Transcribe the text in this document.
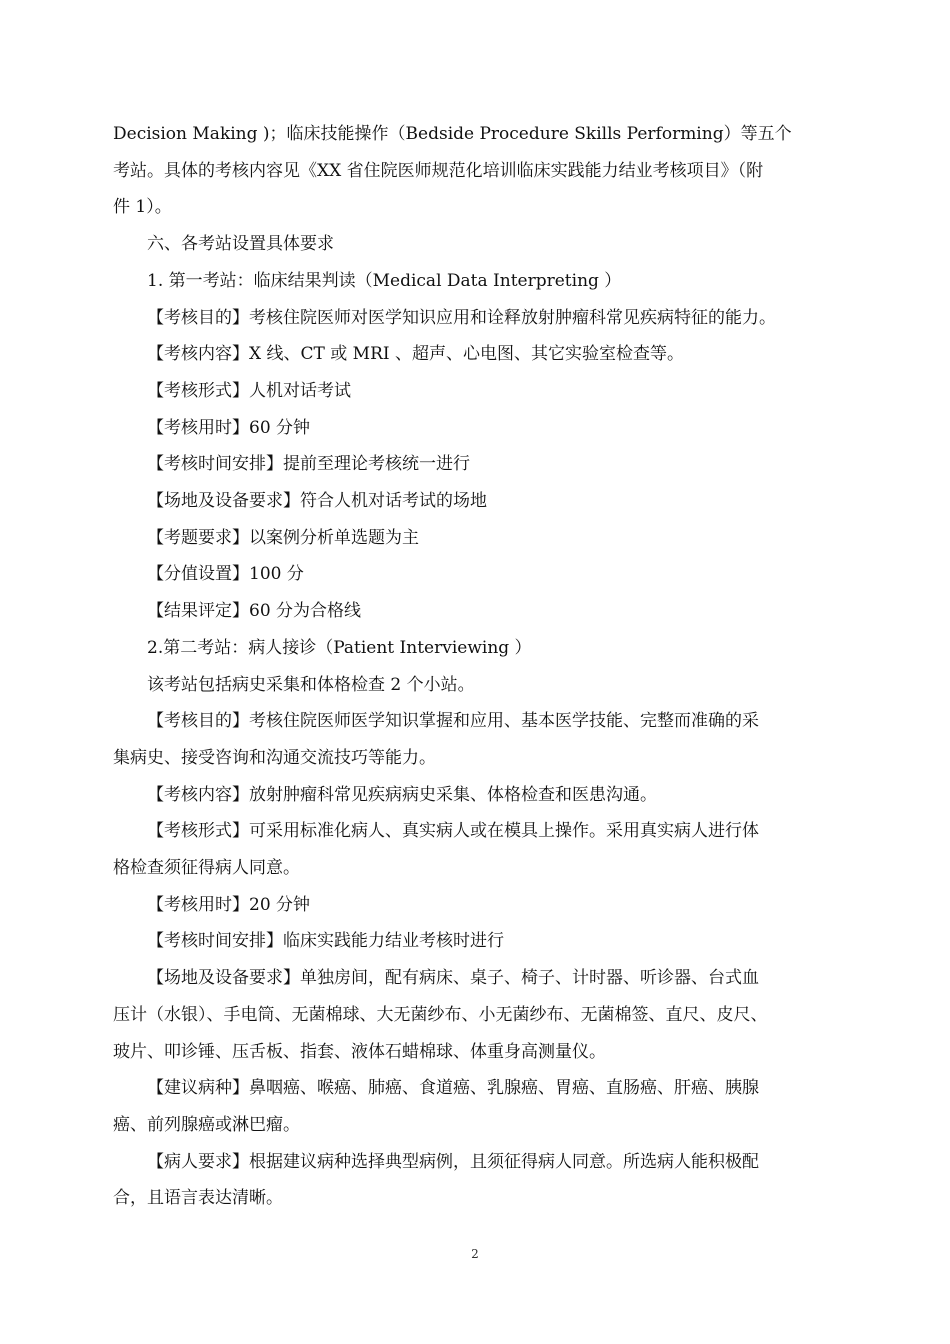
Decision Making )；临床技能操作（Bedside Procedure Skills Performing）等五个

考站。具体的考核内容见《XX 省住院医师规范化培训临床实践能力结业考核项目》（附

件 1）。

六、各考站设置具体要求

1. 第一考站：临床结果判读（Medical Data Interpreting ）

【考核目的】考核住院医师对医学知识应用和诠释放射肿瘤科常见疾病特征的能力。

【考核内容】X 线、CT 或 MRI 、超声、心电图、其它实验室检查等。

【考核形式】人机对话考试

【考核用时】60 分钟

【考核时间安排】提前至理论考核统一进行

【场地及设备要求】符合人机对话考试的场地

【考题要求】以案例分析单选题为主

【分值设置】100 分

【结果评定】60 分为合格线

2.第二考站：病人接诊（Patient Interviewing ）

该考站包括病史采集和体格检查 2 个小站。

【考核目的】考核住院医师医学知识掌握和应用、基本医学技能、完整而准确的采

集病史、接受咨询和沟通交流技巧等能力。

【考核内容】放射肿瘤科常见疾病病史采集、体格检查和医患沟通。

【考核形式】可采用标准化病人、真实病人或在模具上操作。采用真实病人进行体

格检查须征得病人同意。

【考核用时】20 分钟

【考核时间安排】临床实践能力结业考核时进行

【场地及设备要求】单独房间，配有病床、桌子、椅子、计时器、听诊器、台式血

压计（水银）、手电筒、无菌棉球、大无菌纱布、小无菌纱布、无菌棉签、直尺、皮尺、

玻片、叩诊锤、压舌板、指套、液体石蜡棉球、体重身高测量仪。

【建议病种】鼻咽癌、喉癌、肺癌、食道癌、乳腺癌、胃癌、直肠癌、肝癌、胰腺

癌、前列腺癌或淋巴瘤。

【病人要求】根据建议病种选择典型病例，且须征得病人同意。所选病人能积极配

合，且语言表达清晰。

2
